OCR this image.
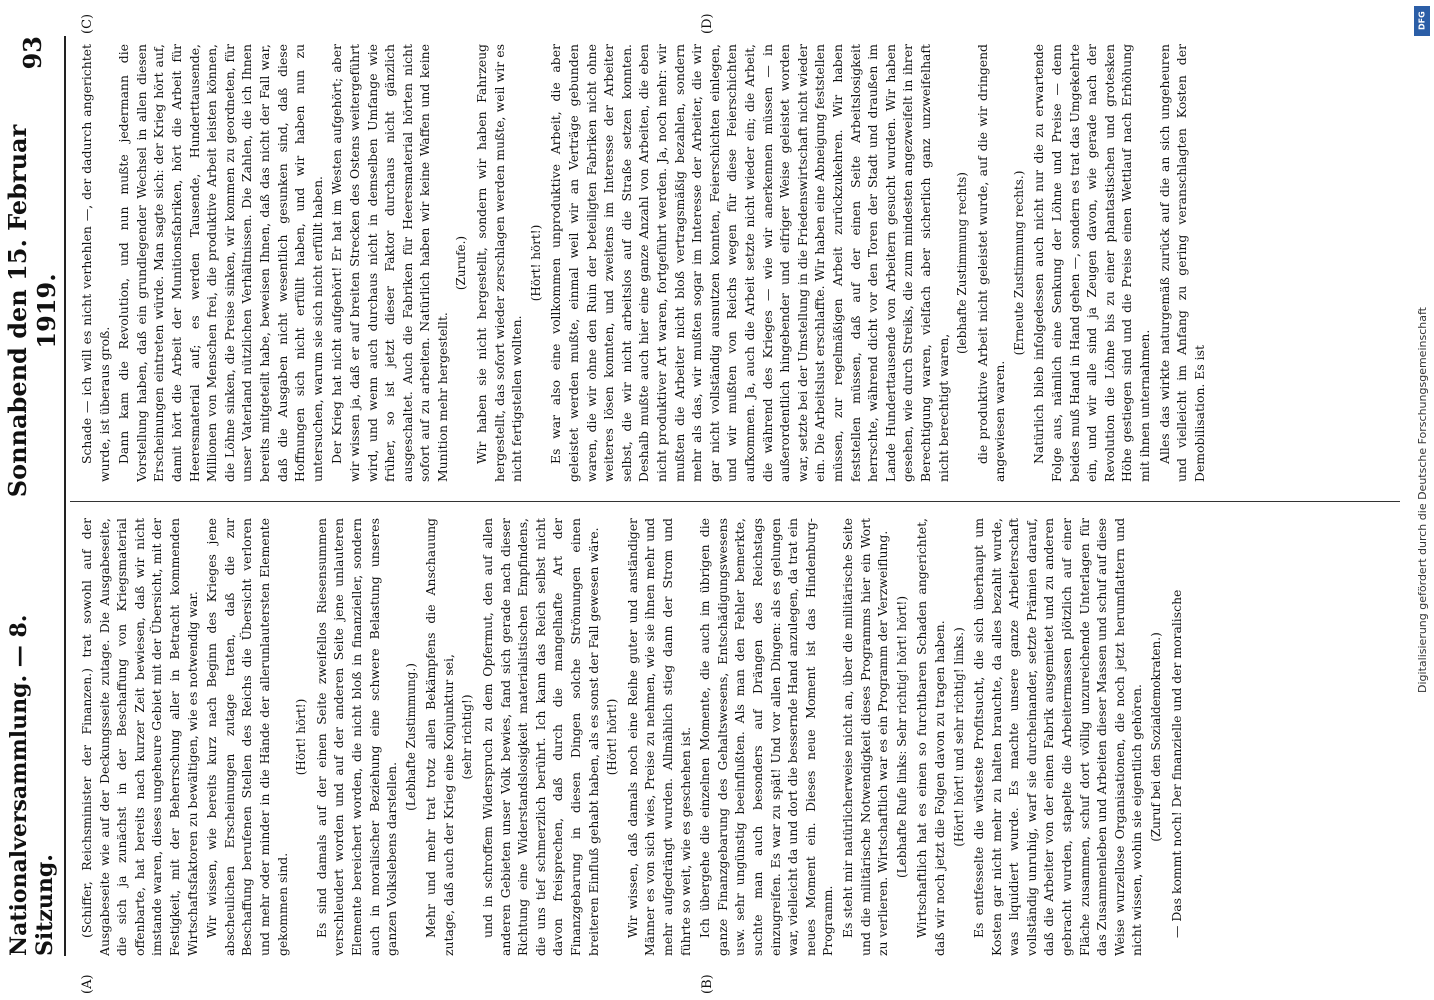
Nationalversammlung. — 8. Sitzung.
Sonnabend den 15. Februar 1919.
93
(A)	(B)
(C)	(D)

(Schiffer, Reichsminister der Finanzen.) trat sowohl auf der Ausgabeseite wie auf der Deckungsseite zutage. Die Ausgabeseite, die sich ja zunächst in der Beschaffung von Kriegsmaterial offenbarte, hat bereits nach kurzer Zeit bewiesen, daß wir nicht imstande waren, dieses ungeheure Gebiet mit der Übersicht, mit der Festigkeit, mit der Beherrschung aller in Betracht kommenden Wirtschaftsfaktoren zu bewältigen, wie es notwendig war. Wir wissen, wie bereits kurz nach Beginn des Krieges jene abscheulichen Erscheinungen zutage traten, daß die zur Beschaffung berufenen Stellen des Reichs die Übersicht verloren und mehr oder minder in die Hände der allerunlautersten Elemente gekommen sind.

(Hört! hört!) Es sind damals auf der einen Seite zweifellos Riesensummen verschleudert worden und auf der anderen Seite jene unlauteren Elemente bereichert worden, die nicht bloß in finanzieller, sondern auch in moralischer Beziehung eine schwere Belastung unseres ganzen Volkslebens darstellen.

(Lebhafte Zustimmung.) Mehr und mehr trat trotz allen Bekämpfens die Anschauung zutage, daß auch der Krieg eine Konjunktur sei, (sehr richtig!) und in schroffem Widerspruch zu dem Opfermut, den auf allen anderen Gebieten unser Volk bewies, fand sich gerade nach dieser Richtung eine Widerstandslosigkeit materialistischen Empfindens, die uns tief schmerzlich berührt. Ich kann das Reich selbst nicht davon freisprechen, daß durch die mangelhafte Art der Finanzgebarung in diesen Dingen solche Strömungen einen breiteren Einfluß gehabt haben, als es sonst der Fall gewesen wäre. (Hört! hört!) Wir wissen, daß damals noch eine Reihe guter und anständiger Männer es von sich wies, Preise zu nehmen, wie sie ihnen mehr und mehr aufgedrängt wurden. Allmählich stieg dann der Strom und führte so weit, wie es geschehen ist. Ich übergehe die einzelnen Momente, die auch im übrigen die ganze Finanzgebarung des Gehaltswesens, Entschädigungswesens usw. sehr ungünstig beeinflußten. Als man den Fehler bemerkte, suchte man auch besonders auf Drängen des Reichstags einzugreifen. Es war zu spät! Und vor allen Dingen: als es gelungen war, vielleicht da und dort die bessernde Hand anzulegen, da trat ein neues Moment ein. Dieses neue Moment ist das Hindenburg-Programm. Es steht mir natürlicherweise nicht an, über die militärische Seite und die militärische Notwendigkeit dieses Programms hier ein Wort zu verlieren. Wirtschaftlich war es ein Programm der Verzweiflung. (Lebhafte Rufe links: Sehr richtig! hört! hört!) Wirtschaftlich hat es einen so furchtbaren Schaden angerichtet, daß wir noch jetzt die Folgen davon zu tragen haben. (Hört! hört! und sehr richtig! links.) Es entfesselte die wüsteste Profitsucht, die sich überhaupt um Kosten gar nicht mehr zu halten brauchte, da alles bezahlt wurde, was liquidiert wurde. Es machte unsere ganze Arbeiterschaft vollständig unruhig, warf sie durcheinander, setzte Prämien darauf, daß die Arbeiter von der einen Fabrik ausgemietet und zu anderen gebracht wurden, stapelte die Arbeitermassen plötzlich auf einer Fläche zusammen, schuf dort völlig unzureichende Unterlagen für das Zusammenleben und Arbeiten dieser Massen und schuf auf diese Weise wurzellose Organisationen, die noch jetzt herumflattern und nicht wissen, wohin sie eigentlich gehören. (Zuruf bei den Sozialdemokraten.) — Das kommt noch! Der finanzielle und der moralische

Schade — ich will es nicht verhehlen —, der dadurch angerichtet wurde, ist überaus groß. Dann kam die Revolution, und nun mußte jedermann die Vorstellung haben, daß ein grundlegender Wechsel in allen diesen Erscheinungen eintreten würde. Man sagte sich: der Krieg hört auf, damit hört die Arbeit der Munitionsfabriken, hört die Arbeit für Heeresmaterial auf; es werden Tausende, Hunderttausende, Millionen von Menschen frei, die produktive Arbeit leisten können, die Löhne sinken, die Preise sinken, wir kommen zu geordneten, für unser Vaterland nützlichen Verhältnissen. Die Zahlen, die ich Ihnen bereits mitgeteilt habe, beweisen Ihnen, daß das nicht der Fall war, daß die Ausgaben nicht wesentlich gesunken sind, daß diese Hoffnungen sich nicht erfüllt haben, und wir haben nun zu untersuchen, warum sie sich nicht erfüllt haben. Der Krieg hat nicht aufgehört! Er hat im Westen aufgehört; aber wir wissen ja, daß er auf breiten Strecken des Ostens weitergeführt wird, und wenn auch durchaus nicht in demselben Umfange wie früher, so ist jetzt dieser Faktor durchaus nicht gänzlich ausgeschaltet. Auch die Fabriken für Heeresmaterial hörten nicht sofort auf zu arbeiten. Natürlich haben wir keine Waffen und keine Munition mehr hergestellt.

(Zurufe.) Wir haben sie nicht hergestellt, sondern wir haben Fahrzeug hergestellt, das sofort wieder zerschlagen werden mußte, weil wir es nicht fertigstellen wollten.

(Hört! hört!) Es war also eine vollkommen unproduktive Arbeit, die aber geleistet werden mußte, einmal weil wir an Verträge gebunden waren, die wir ohne den Ruin der beteiligten Fabriken nicht ohne weiteres lösen konnten, und zweitens im Interesse der Arbeiter selbst, die wir nicht arbeitslos auf die Straße setzen konnten. Deshalb mußte auch hier eine ganze Anzahl von Arbeiten, die eben nicht produktiver Art waren, fortgeführt werden. Ja, noch mehr: wir mußten die Arbeiter nicht bloß vertragsmäßig bezahlen, sondern mehr als das, wir mußten sogar im Interesse der Arbeiter, die wir gar nicht vollständig ausnutzen konnten, Feierschichten einlegen, und wir mußten von Reichs wegen für diese Feierschichten aufkommen. Ja, auch die Arbeit setzte nicht wieder ein; die Arbeit, die während des Krieges — wie wir anerkennen müssen — in außerordentlich hingebender und eifriger Weise geleistet worden war, setzte bei der Umstellung in die Friedenswirtschaft nicht wieder ein. Die Arbeitslust erschlaffte. Wir haben eine Abneigung feststellen müssen, zur regelmäßigen Arbeit zurückzukehren. Wir haben feststellen müssen, daß auf der einen Seite Arbeitslosigkeit herrschte, während dicht vor den Toren der Stadt und draußen im Lande Hunderttausende von Arbeitern gesucht wurden. Wir haben gesehen, wie durch Streiks, die zum mindesten angezweifelt in ihrer Berechtigung waren, vielfach aber sicherlich ganz unzweifelhaft nicht berechtigt waren,

(lebhafte Zustimmung rechts) die produktive Arbeit nicht geleistet wurde, auf die wir dringend angewiesen waren.

(Erneute Zustimmung rechts.) Natürlich blieb infolgedessen auch nicht nur die zu erwartende Folge aus, nämlich eine Senkung der Löhne und Preise — denn beides muß Hand in Hand gehen —, sondern es trat das Umgekehrte ein, und wir alle sind ja Zeugen davon, wie gerade nach der Revolution die Löhne bis zu einer phantastischen und grotesken Höhe gestiegen sind und die Preise einen Wettlauf nach Erhöhung mit ihnen unternahmen. Alles das wirkte naturgemäß zurück auf die an sich ungeheuren und vielleicht im Anfang zu gering veranschlagten Kosten der Demobilisation. Es ist	Digitalisierung gefördert durch die Deutsche Forschungsgemeinschaft
DFG
